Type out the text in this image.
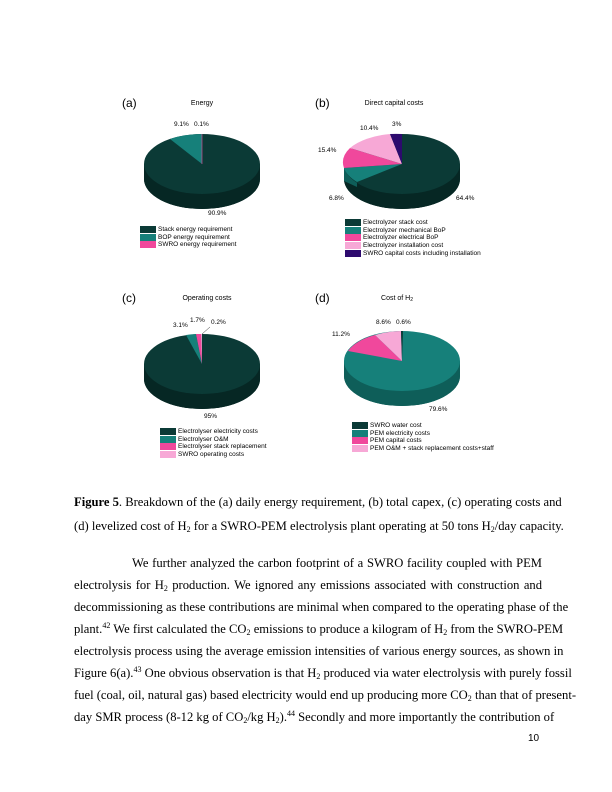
(a)	Energy
90.9%
9.1% 0.1%
Stack energy requirement
BOP energy requirement
SWRO energy requirement
(b)	Direct capital costs
64.4%
6.8%
15.4%
10.4%
3%
Electrolyzer stack cost
Electrolyzer mechanical BoP
Electrolyzer electrical BoP
Electrolyzer installation cost
SWRO capital costs including installation
(c)	Operating costs
95%
3.1%
1.7% 0.2%
Electrolyser electricity costs
Electrolyser O&M
Electrolyser stack replacement
SWRO operating costs
(d)	Cost of $H_2$
0.6%
79.6%
11.2%
8.6%
SWRO water cost
PEM electricity costs
PEM capital costs
PEM O&M + stack replacement costs+staff
Figure 5. Breakdown of the (a) daily energy requirement, (b) total capex, (c) operating costs and
(d) levelized cost of $H_2$ for a SWRO-PEM electrolysis plant operating at 50 tons $H_2$/day capacity.
We further analyzed the carbon footprint of a SWRO facility coupled with PEM
electrolysis for $H_2$ production. We ignored any emissions associated with construction and
decommissioning as these contributions are minimal when compared to the operating phase of the
plant.$^{42}$ We first calculated the $CO_2$ emissions to produce a kilogram of $H_2$ from the SWRO-PEM
electrolysis process using the average emission intensities of various energy sources, as shown in
Figure 6(a).$^{43}$ One obvious observation is that $H_2$ produced via water electrolysis with purely fossil
fuel (coal, oil, natural gas) based electricity would end up producing more $CO_2$ than that of present-
day SMR process (8-12 kg of $CO_2/kg$ $H_2).^{44}$ Secondly and more importantly the contribution of
10
